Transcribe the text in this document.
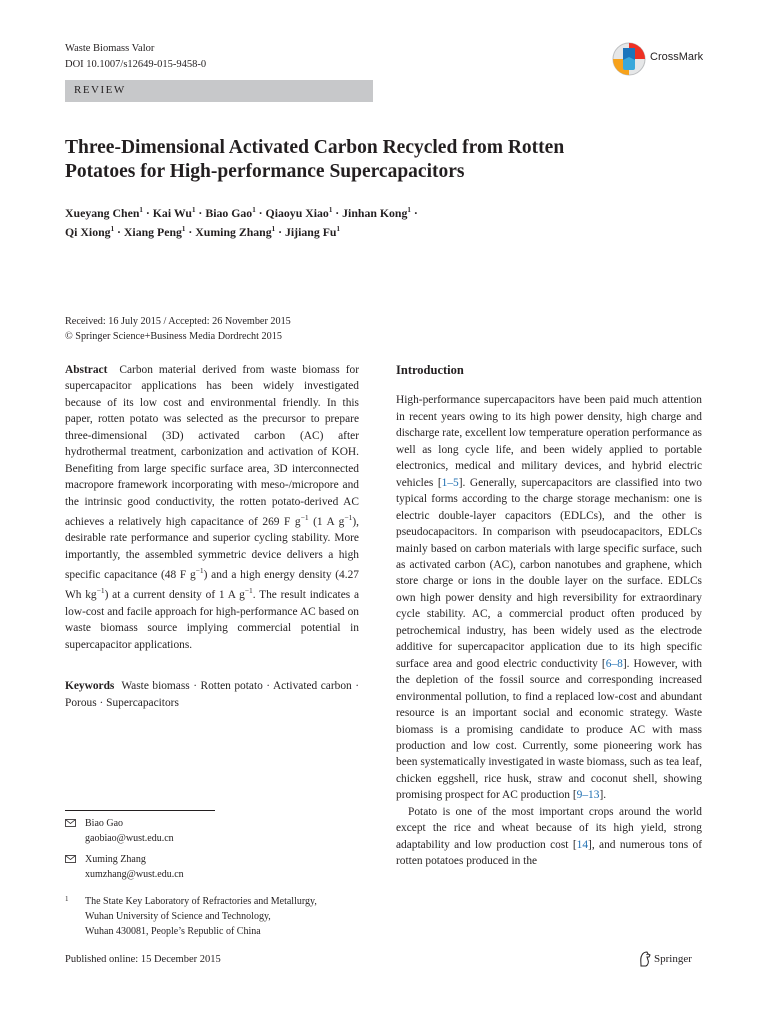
Waste Biomass Valor
DOI 10.1007/s12649-015-9458-0
CrossMark
REVIEW
Three-Dimensional Activated Carbon Recycled from Rotten
Potatoes for High-performance Supercapacitors
Xueyang Chen$^1$ · Kai $Wu^1$ · Biao Gao$^1$ · Qiaoyu Xiao$^1$ · Jinhan Kong$^1$ ·
Qi Xiong$^1$ · Xiang Peng$^1$ · Xuming Zhang$^1$ · Jijiang Fu$^1$
Received: 16 July 2015 / Accepted: 26 November 2015
© Springer Science+Business Media Dordrecht 2015

Abstract Carbon material derived from waste biomass for supercapacitor applications has been widely investigated because of its low cost and environmental friendly. In this paper, rotten potato was selected as the precursor to prepare three-dimensional (3D) activated carbon (AC) after hydrothermal treatment, carbonization and activation of KOH. Benefiting from large specific surface area, 3D interconnected macropore framework incorporating with meso-/micropore and the intrinsic good conductivity, the rotten potato-derived AC achieves a relatively high capacitance of 269 F $g^{-1}$ (1 A $g^{-1}$), desirable rate performance and superior cycling stability. More importantly, the assembled symmetric device delivers a high specific capacitance (48 F $g^{-1}$) and a high energy density (4.27 Wh $kg^{-1}$) at a current density of 1 A $g^{-1}$. The result indicates a low-cost and facile approach for high-performance AC based on waste biomass source implying commercial potential in supercapacitor applications.

Keywords Waste biomass · Rotten potato · Activated carbon · Porous · Supercapacitors

Biao Gao
gaobiao@wust.edu.cn
Xuming Zhang
xumzhang@wust.edu.cn
1 The State Key Laboratory of Refractories and Metallurgy,
Wuhan University of Science and Technology,
Wuhan 430081, People’s Republic of China
Introduction

High-performance supercapacitors have been paid much attention in recent years owing to its high power density, high charge and discharge rate, excellent low temperature operation performance as well as long cycle life, and been widely applied to portable electronics, medical and military devices, and hybrid electric vehicles [1–5]. Generally, supercapacitors are classified into two typical forms according to the charge storage mechanism: one is electric double-layer capacitors (EDLCs), and the other is pseudocapacitors. In comparison with pseudocapacitors, EDLCs mainly based on carbon materials with large specific surface, such as activated carbon (AC), carbon nanotubes and graphene, which store charge or ions in the double layer on the surface. EDLCs own high power density and high reversibility for extraordinary cycle stability. AC, a commercial product often produced by petrochemical industry, has been widely used as the electrode additive for supercapacitor application due to its high specific surface area and good electric conductivity [6–8]. However, with the depletion of the fossil source and corresponding increased environmental pollution, to find a replaced low-cost and abundant resource is an important social and economic strategy. Waste biomass is a promising candidate to produce AC with mass production and low cost. Currently, some pioneering work has been systematically investigated in waste biomass, such as tea leaf, chicken eggshell, rice husk, straw and coconut shell, showing promising prospect for AC production [9–13].

Potato is one of the most important crops around the world except the rice and wheat because of its high yield, strong adaptability and low production cost [14], and numerous tons of rotten potatoes produced in the

Published online: 15 December 2015	Springer
